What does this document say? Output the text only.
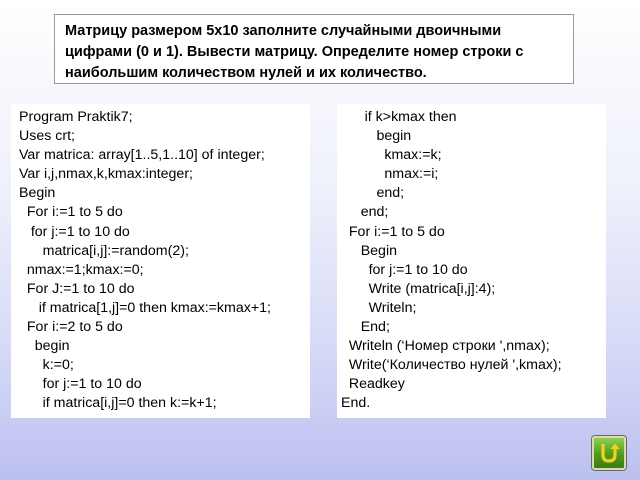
Матрицу размером 5х10 заполните случайными двоичными
цифрами (0 и 1). Вывести матрицу. Определите номер строки с
наибольшим количеством нулей и их количество.
Program Praktik7;
Uses crt;
Var matrica: array[1..5,1..10] of integer;
Var i,j,nmax,k,kmax:integer;
Begin
For i:=1 to 5 do
for j:=1 to 10 do
matrica[i,j]:=random(2);
nmax:=1;kmax:=0;
For J:=1 to 10 do
if matrica[1,j]=0 then kmax:=kmax+1;
For i:=2 to 5 do
begin
k:=0;
for j:=1 to 10 do
if matrica[i,j]=0 then k:=k+1;
if k>kmax then
begin
kmax:=k;
nmax:=i;
end;
end;
For i:=1 to 5 do
Begin
for j:=1 to 10 do
Write (matrica[i,j]:4);
Writeln;
End;
Writeln (‘Номер строки ',nmax);
Write(‘Количество нулей ',kmax);
Readkey
End.
